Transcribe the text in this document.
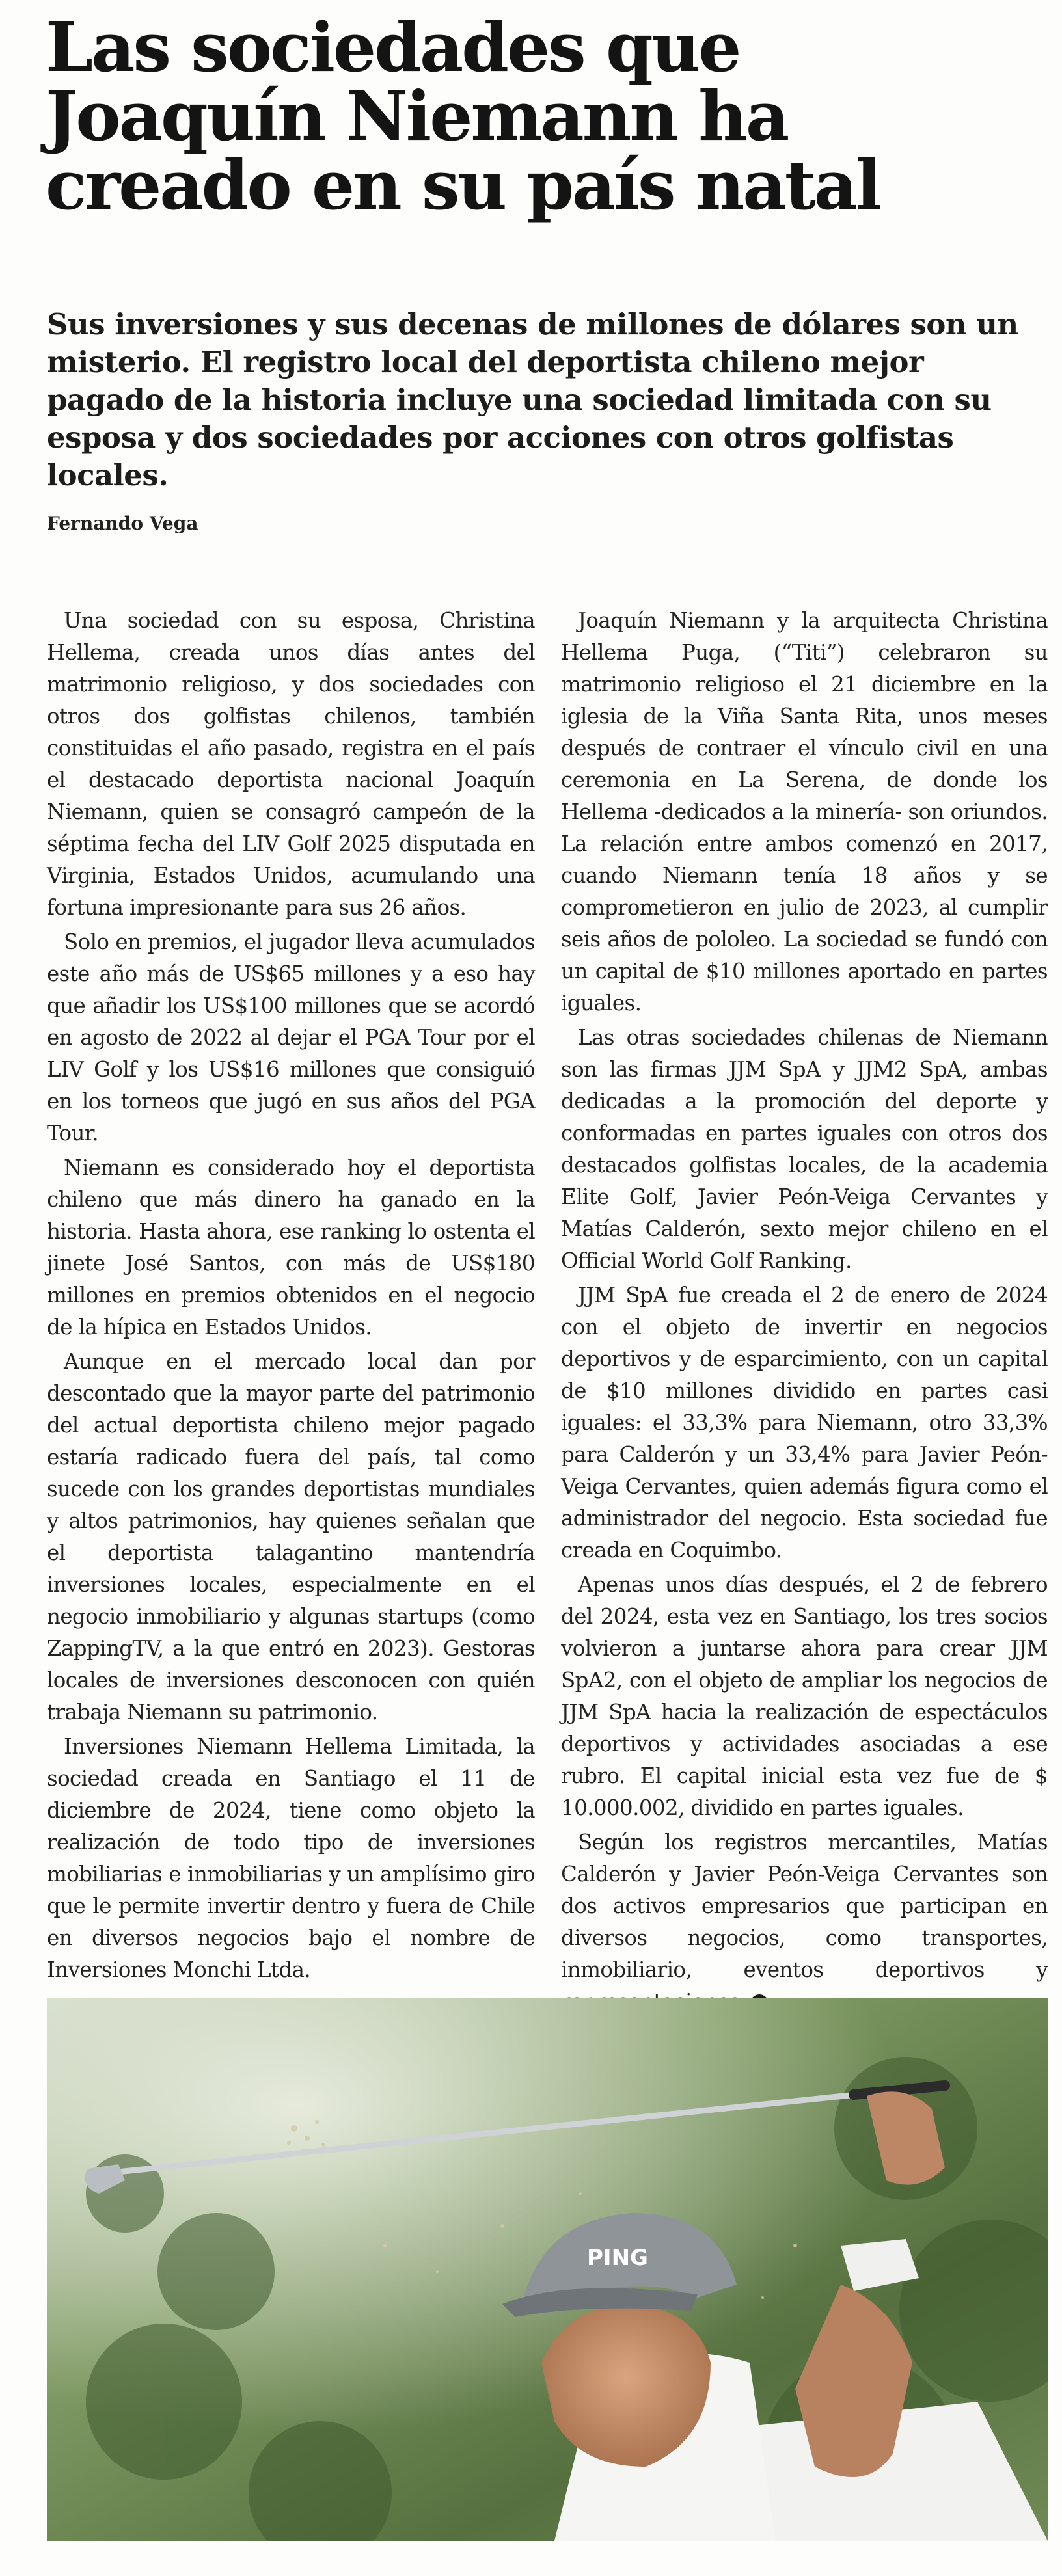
Las sociedades que
Joaquín Niemann ha
creado en su país natal

Sus inversiones y sus decenas de millones de dólares son un misterio. El registro local del deportista chileno mejor pagado de la historia incluye una sociedad limitada con su esposa y dos sociedades por acciones con otros golfistas locales.

Fernando Vega

Una sociedad con su esposa, Christina Hellema, creada unos días antes del matrimonio religioso, y dos sociedades con otros dos golfistas chilenos, también constituidas el año pasado, registra en el país el destacado deportista nacional Joaquín Niemann, quien se consagró campeón de la séptima fecha del LIV Golf 2025 disputada en Virginia, Estados Unidos, acumulando una fortuna impresionante para sus 26 años.

Solo en premios, el jugador lleva acumulados este año más de US$65 millones y a eso hay que añadir los US$100 millones que se acordó en agosto de 2022 al dejar el PGA Tour por el LIV Golf y los US$16 millones que consiguió en los torneos que jugó en sus años del PGA Tour.

Niemann es considerado hoy el deportista chileno que más dinero ha ganado en la historia. Hasta ahora, ese ranking lo ostenta el jinete José Santos, con más de US$180 millones en premios obtenidos en el negocio de la hípica en Estados Unidos.

Aunque en el mercado local dan por descontado que la mayor parte del patrimonio del actual deportista chileno mejor pagado estaría radicado fuera del país, tal como sucede con los grandes deportistas mundiales y altos patrimonios, hay quienes señalan que el deportista talagantino mantendría inversiones locales, especialmente en el negocio inmobiliario y algunas startups (como ZappingTV, a la que entró en 2023). Gestoras locales de inversiones desconocen con quién trabaja Niemann su patrimonio.

Inversiones Niemann Hellema Limitada, la sociedad creada en Santiago el 11 de diciembre de 2024, tiene como objeto la realización de todo tipo de inversiones mobiliarias e inmobiliarias y un amplísimo giro que le permite invertir dentro y fuera de Chile en diversos negocios bajo el nombre de Inversiones Monchi Ltda.

Joaquín Niemann y la arquitecta Christina Hellema Puga, (“Titi”) celebraron su matrimonio religioso el 21 diciembre en la iglesia de la Viña Santa Rita, unos meses después de contraer el vínculo civil en una ceremonia en La Serena, de donde los Hellema -dedicados a la minería- son oriundos. La relación entre ambos comenzó en 2017, cuando Niemann tenía 18 años y se comprometieron en julio de 2023, al cumplir seis años de pololeo. La sociedad se fundó con un capital de $10 millones aportado en partes iguales.

Las otras sociedades chilenas de Niemann son las firmas JJM SpA y JJM2 SpA, ambas dedicadas a la promoción del deporte y conformadas en partes iguales con otros dos destacados golfistas locales, de la academia Elite Golf, Javier Peón-Veiga Cervantes y Matías Calderón, sexto mejor chileno en el Official World Golf Ranking.

JJM SpA fue creada el 2 de enero de 2024 con el objeto de invertir en negocios deportivos y de esparcimiento, con un capital de $10 millones dividido en partes casi iguales: el 33,3% para Niemann, otro 33,3% para Calderón y un 33,4% para Javier Peón-Veiga Cervantes, quien además figura como el administrador del negocio. Esta sociedad fue creada en Coquimbo.

Apenas unos días después, el 2 de febrero del 2024, esta vez en Santiago, los tres socios volvieron a juntarse ahora para crear JJM SpA2, con el objeto de ampliar los negocios de JJM SpA hacia la realización de espectáculos deportivos y actividades asociadas a ese rubro. El capital inicial esta vez fue de $ 10.000.002, dividido en partes iguales.

Según los registros mercantiles, Matías Calderón y Javier Peón-Veiga Cervantes son dos activos empresarios que participan en diversos negocios, como transportes, inmobiliario, eventos deportivos y

PING
